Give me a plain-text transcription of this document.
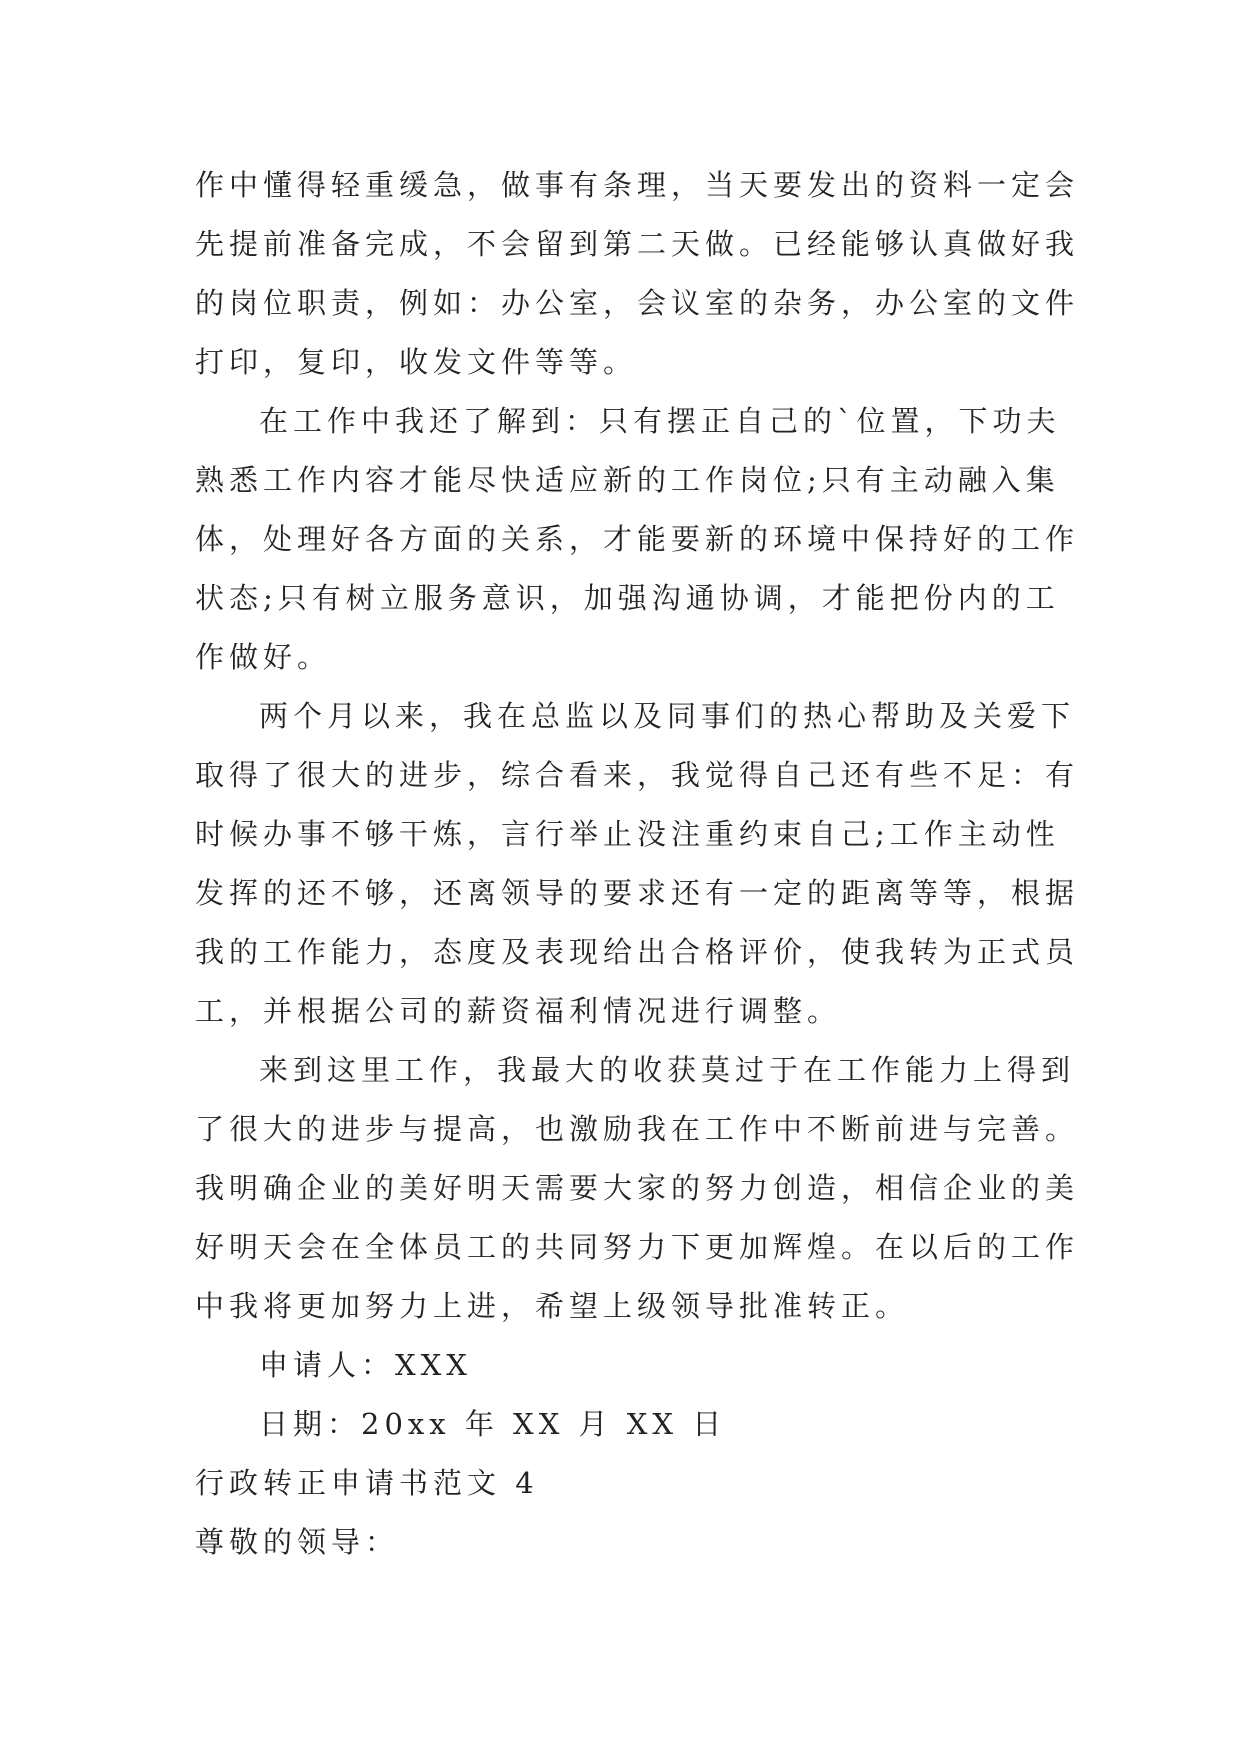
作中懂得轻重缓急，做事有条理，当天要发出的资料一定会
先提前准备完成，不会留到第二天做。已经能够认真做好我
的岗位职责，例如：办公室，会议室的杂务，办公室的文件
打印，复印，收发文件等等。
在工作中我还了解到：只有摆正自己的`位置，下功夫
熟悉工作内容才能尽快适应新的工作岗位;只有主动融入集
体，处理好各方面的关系，才能要新的环境中保持好的工作
状态;只有树立服务意识，加强沟通协调，才能把份内的工
作做好。
两个月以来，我在总监以及同事们的热心帮助及关爱下
取得了很大的进步，综合看来，我觉得自己还有些不足：有
时候办事不够干炼，言行举止没注重约束自己;工作主动性
发挥的还不够，还离领导的要求还有一定的距离等等，根据
我的工作能力，态度及表现给出合格评价，使我转为正式员
工，并根据公司的薪资福利情况进行调整。
来到这里工作，我最大的收获莫过于在工作能力上得到
了很大的进步与提高，也激励我在工作中不断前进与完善。
我明确企业的美好明天需要大家的努力创造，相信企业的美
好明天会在全体员工的共同努力下更加辉煌。在以后的工作
中我将更加努力上进，希望上级领导批准转正。
申请人：XXX
日期：20xx 年 XX 月 XX 日
行政转正申请书范文 4
尊敬的领导：
